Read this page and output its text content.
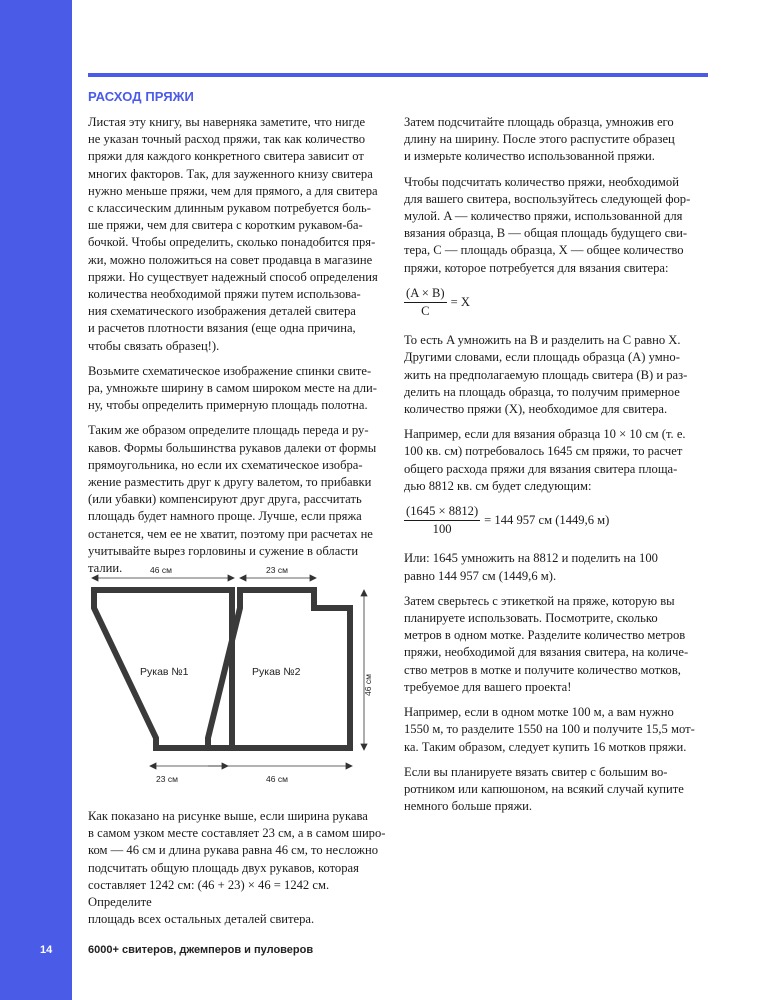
14	6000+ свитеров, джемперов и пуловеров
РАСХОД ПРЯЖИ

Листая эту книгу, вы наверняка заметите, что нигде
не указан точный расход пряжи, так как количество
пряжи для каждого конкретного свитера зависит от
многих факторов. Так, для зауженного книзу свитера
нужно меньше пряжи, чем для прямого, а для свитера
с классическим длинным рукавом потребуется боль-
ше пряжи, чем для свитера с коротким рукавом-ба-
бочкой. Чтобы определить, сколько понадобится пря-
жи, можно положиться на совет продавца в магазине
пряжи. Но существует надежный способ определения
количества необходимой пряжи путем использова-
ния схематического изображения деталей свитера
и расчетов плотности вязания (еще одна причина,
чтобы связать образец!).

Возьмите схематическое изображение спинки свите-
ра, умножьте ширину в самом широком месте на дли-
ну, чтобы определить примерную площадь полотна.

Таким же образом определите площадь переда и ру-
кавов. Формы большинства рукавов далеки от формы
прямоугольника, но если их схематическое изобра-
жение разместить друг к другу валетом, то прибавки
(или убавки) компенсируют друг друга, рассчитать
площадь будет намного проще. Лучше, если пряжа
останется, чем ее не хватит, поэтому при расчетах не
учитывайте вырез горловины и сужение в области
талии.	46 см	23 см
23 см	46 см
46 см
Рукав №1	Рукав №2

Как показано на рисунке выше, если ширина рукава
в самом узком месте составляет 23 см, а в самом широ-
ком — 46 см и длина рукава равна 46 см, то несложно
подсчитать общую площадь двух рукавов, которая
составляет 1242 см: (46 + 23) × 46 = 1242 см. Определите
площадь всех остальных деталей свитера.

Затем подсчитайте площадь образца, умножив его
длину на ширину. После этого распустите образец
и измерьте количество использованной пряжи.

Чтобы подсчитать количество пряжи, необходимой
для вашего свитера, воспользуйтесь следующей фор-
мулой. A — количество пряжи, использованной для
вязания образца, B — общая площадь будущего сви-
тера, C — площадь образца, X — общее количество
пряжи, которое потребуется для вязания свитера:

$\frac{(A \times B)}{C} = X$

То есть A умножить на B и разделить на C равно X.
Другими словами, если площадь образца (A) умно-
жить на предполагаемую площадь свитера (B) и раз-
делить на площадь образца, то получим примерное
количество пряжи (X), необходимое для свитера.

Например, если для вязания образца 10 × 10 см (т. е.
100 кв. см) потребовалось 1645 см пряжи, то расчет
общего расхода пряжи для вязания свитера площа-
дью 8812 кв. см будет следующим:

$\frac{(1645 \times 8812)}{100} = 144$ 957 см (1449,6 м)

Или: 1645 умножить на 8812 и поделить на 100
равно 144 957 см (1449,6 м).

Затем сверьтесь с этикеткой на пряже, которую вы
планируете использовать. Посмотрите, сколько
метров в одном мотке. Разделите количество метров
пряжи, необходимой для вязания свитера, на количе-
ство метров в мотке и получите количество мотков,
требуемое для вашего проекта!

Например, если в одном мотке 100 м, а вам нужно
1550 м, то разделите 1550 на 100 и получите 15,5 мот-
ка. Таким образом, следует купить 16 мотков пряжи.

Если вы планируете вязать свитер с большим во-
ротником или капюшоном, на всякий случай купите
немного больше пряжи.
